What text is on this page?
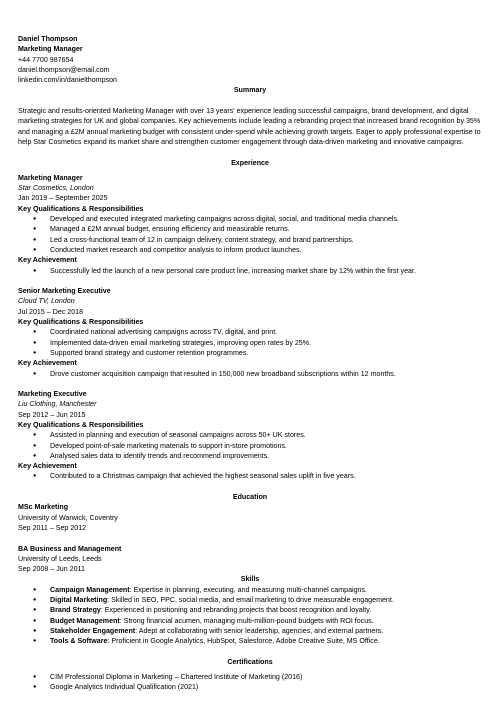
Daniel Thompson
Marketing Manager
+44 7700 987654
daniel.thompson@email.com
linkedin.com/in/danielthompson
Summary

Strategic and results-oriented Marketing Manager with over 13 years' experience leading successful campaigns, brand development, and digital marketing strategies for UK and global companies. Key achievements include leading a rebranding project that increased brand recognition by 35% and managing a £2M annual marketing budget with consistent under-spend while achieving growth targets. Eager to apply professional expertise to help Star Cosmetics expand its market share and strengthen customer engagement through data-driven marketing and innovative campaigns.

Experience
Marketing Manager
Star Cosmetics, London
Jan 2019 – September 2025
Key Qualifications & Responsibilities
● Developed and executed integrated marketing campaigns across digital, social, and traditional media channels.
● Managed a £2M annual budget, ensuring efficiency and measurable returns.
● Led a cross-functional team of 12 in campaign delivery, content strategy, and brand partnerships.
● Conducted market research and competitor analysis to inform product launches.
Key Achievement
● Successfully led the launch of a new personal care product line, increasing market share by 12% within the first year.
Senior Marketing Executive
Cloud TV, London
Jul 2015 – Dec 2018
Key Qualifications & Responsibilities
● Coordinated national advertising campaigns across TV, digital, and print.
● Implemented data-driven email marketing strategies, improving open rates by 25%.
● Supported brand strategy and customer retention programmes.
Key Achievement
● Drove customer acquisition campaign that resulted in 150,000 new broadband subscriptions within 12 months.
Marketing Executive
Liu Clothing, Manchester
Sep 2012 – Jun 2015
Key Qualifications & Responsibilities
● Assisted in planning and execution of seasonal campaigns across 50+ UK stores.
● Developed point-of-sale marketing materials to support in-store promotions.
● Analysed sales data to identify trends and recommend improvements.
Key Achievement
● Contributed to a Christmas campaign that achieved the highest seasonal sales uplift in five years.
Education
MSc Marketing
University of Warwick, Coventry
Sep 2011 – Sep 2012
BA Business and Management
University of Leeds, Leeds
Sep 2008 – Jun 2011
Skills
● Campaign Management: Expertise in planning, executing, and measuring multi-channel campaigns.
● Digital Marketing: Skilled in SEO, PPC, social media, and email marketing to drive measurable engagement.
● Brand Strategy: Experienced in positioning and rebranding projects that boost recognition and loyalty.
● Budget Management: Strong financial acumen, managing multi-million-pound budgets with ROI focus.
● Stakeholder Engagement: Adept at collaborating with senior leadership, agencies, and external partners.
● Tools & Software: Proficient in Google Analytics, HubSpot, Salesforce, Adobe Creative Suite, MS Office.
Certifications
● CIM Professional Diploma in Marketing – Chartered Institute of Marketing (2016)
● Google Analytics Individual Qualification (2021)
